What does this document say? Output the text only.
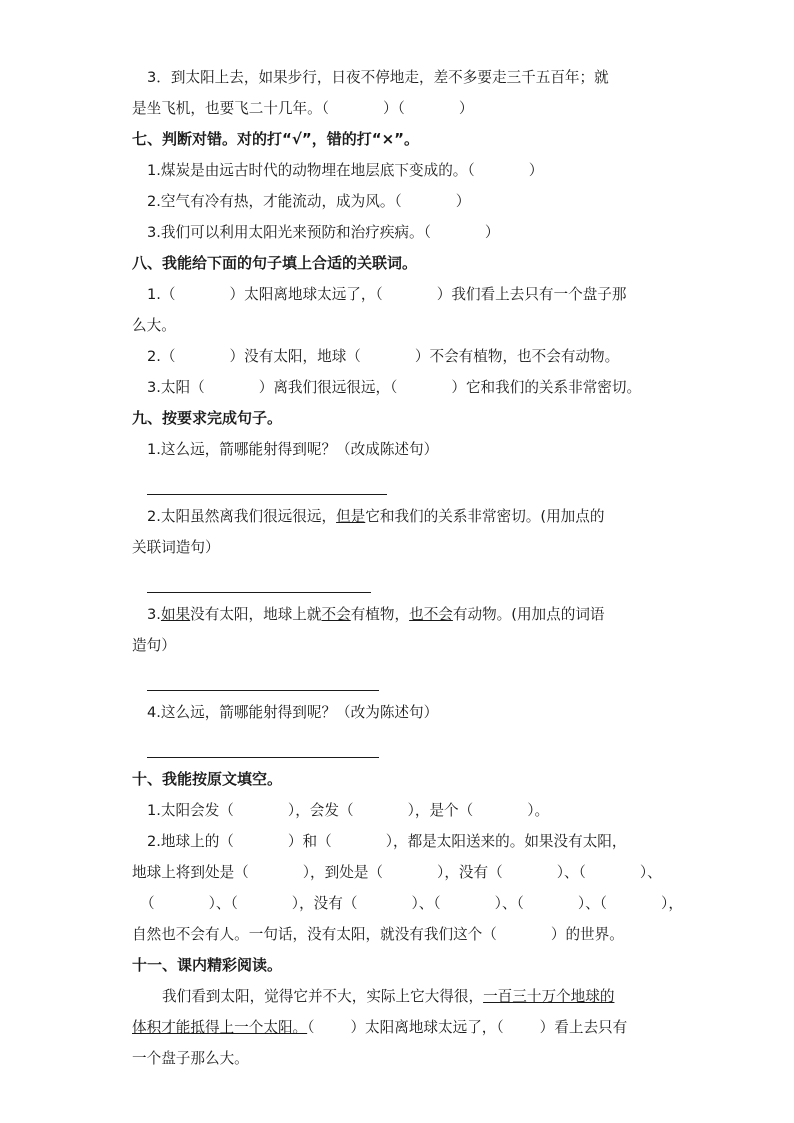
3．到太阳上去，如果步行，日夜不停地走，差不多要走三千五百年；就
是坐飞机，也要飞二十几年。（	）（	）
七、判断对错。对的打“√”，错的打“×”。
1.煤炭是由远古时代的动物埋在地层底下变成的。（	）
2.空气有冷有热，才能流动，成为风。（	）
3.我们可以利用太阳光来预防和治疗疾病。（	）
八、我能给下面的句子填上合适的关联词。
1.（	）太阳离地球太远了，（	）我们看上去只有一个盘子那
么大。
2.（	）没有太阳，地球（	）不会有植物，也不会有动物。
3.太阳（	）离我们很远很远，（	）它和我们的关系非常密切。
九、按要求完成句子。
1.这么远，箭哪能射得到呢？（改成陈述句）
2.太阳虽然离我们很远很远，但是它和我们的关系非常密切。(用加点的
关联词造句）
3.如果没有太阳，地球上就不会有植物，也不会有动物。(用加点的词语
造句）
4.这么远，箭哪能射得到呢？（改为陈述句）
十、我能按原文填空。
1.太阳会发（	），会发（	），是个（	）。
2.地球上的（	）和（	），都是太阳送来的。如果没有太阳，
地球上将到处是（	），到处是（	），没有（	）、（	）、
（	）、（	），没有（	）、（	）、（	）、（	），
自然也不会有人。一句话，没有太阳，就没有我们这个（	）的世界。
十一、课内精彩阅读。
我们看到太阳，觉得它并不大，实际上它大得很，一百三十万个地球的
体积才能抵得上一个太阳。（ ）太阳离地球太远了，（ ）看上去只有
一个盘子那么大。
